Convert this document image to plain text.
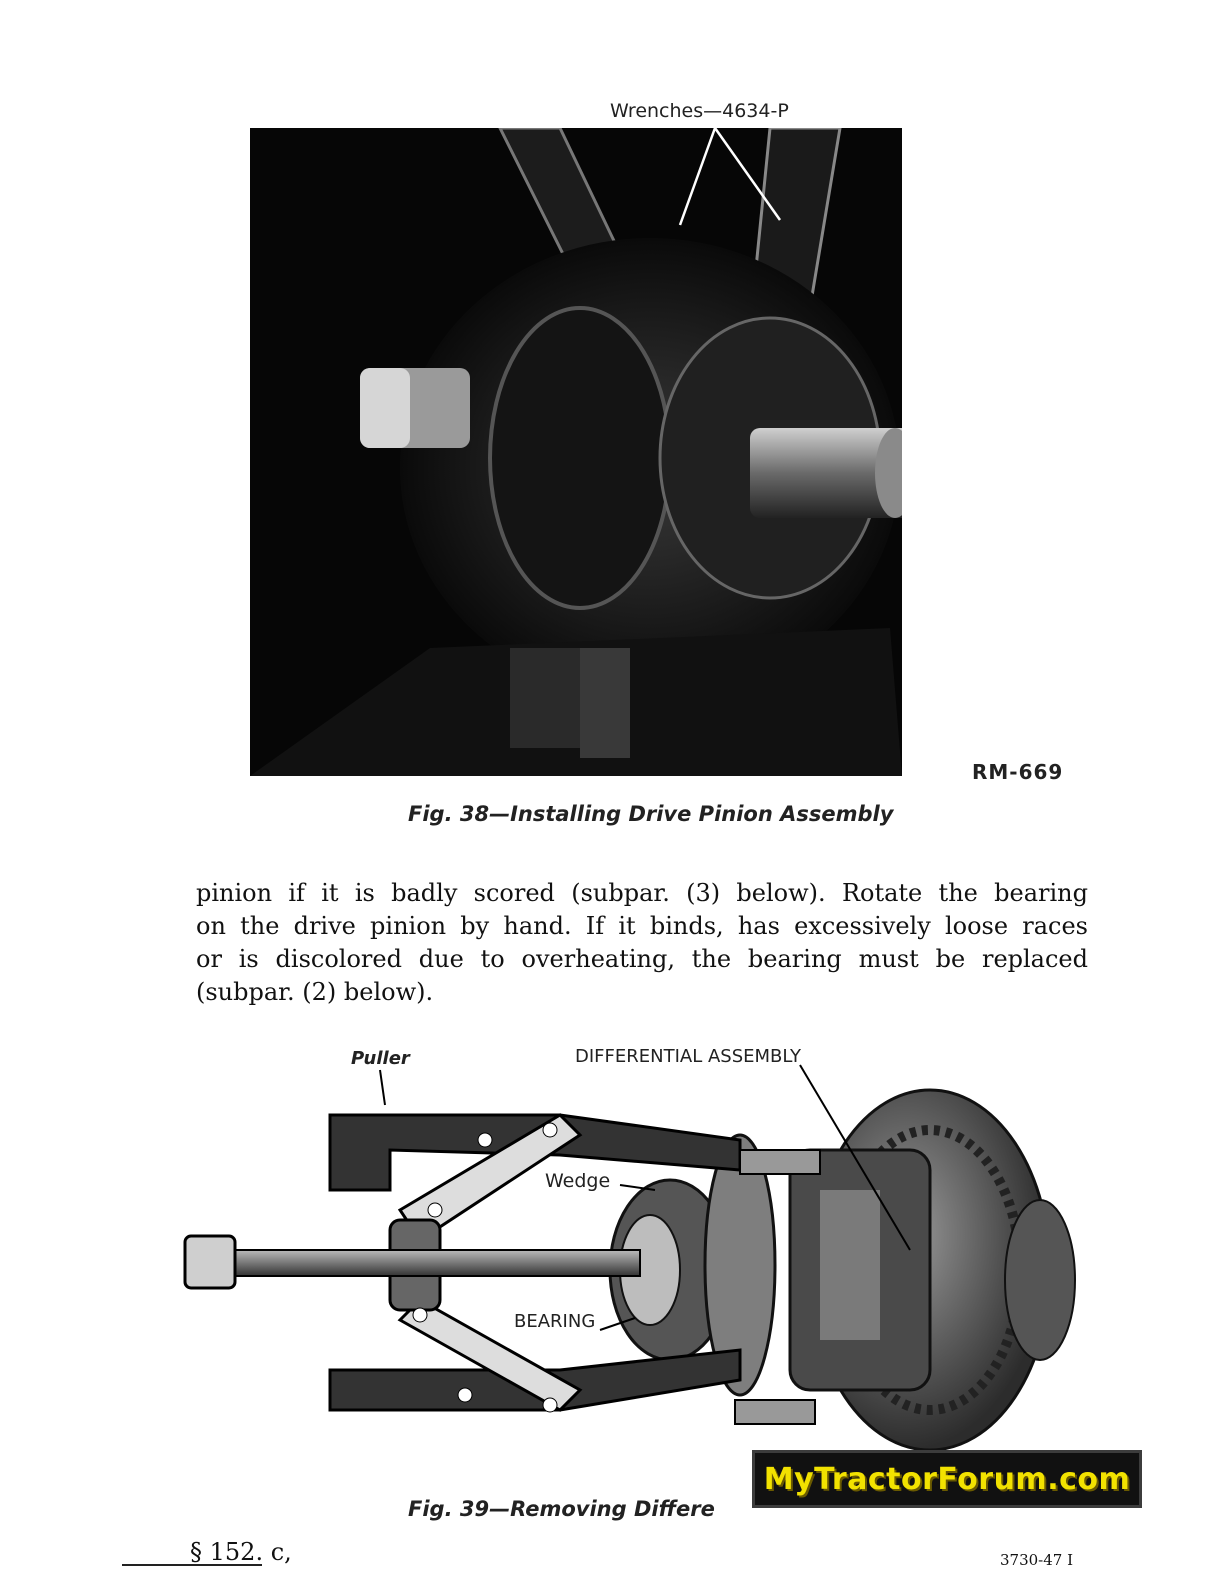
Wrenches—4634-P
RM-669
Fig. 38—Installing Drive Pinion Assembly
pinion if it is badly scored (subpar. (3) below). Rotate the bearing
on the drive pinion by hand. If it binds, has excessively loose races
or is discolored due to overheating, the bearing must be replaced
(subpar. (2) below).
Puller	DIFFERENTIAL ASSEMBLY
Wedge
BEARING
MyTractorForum.com
Fig. 39—Removing Differe
§ 152. c,	3730-47 I
